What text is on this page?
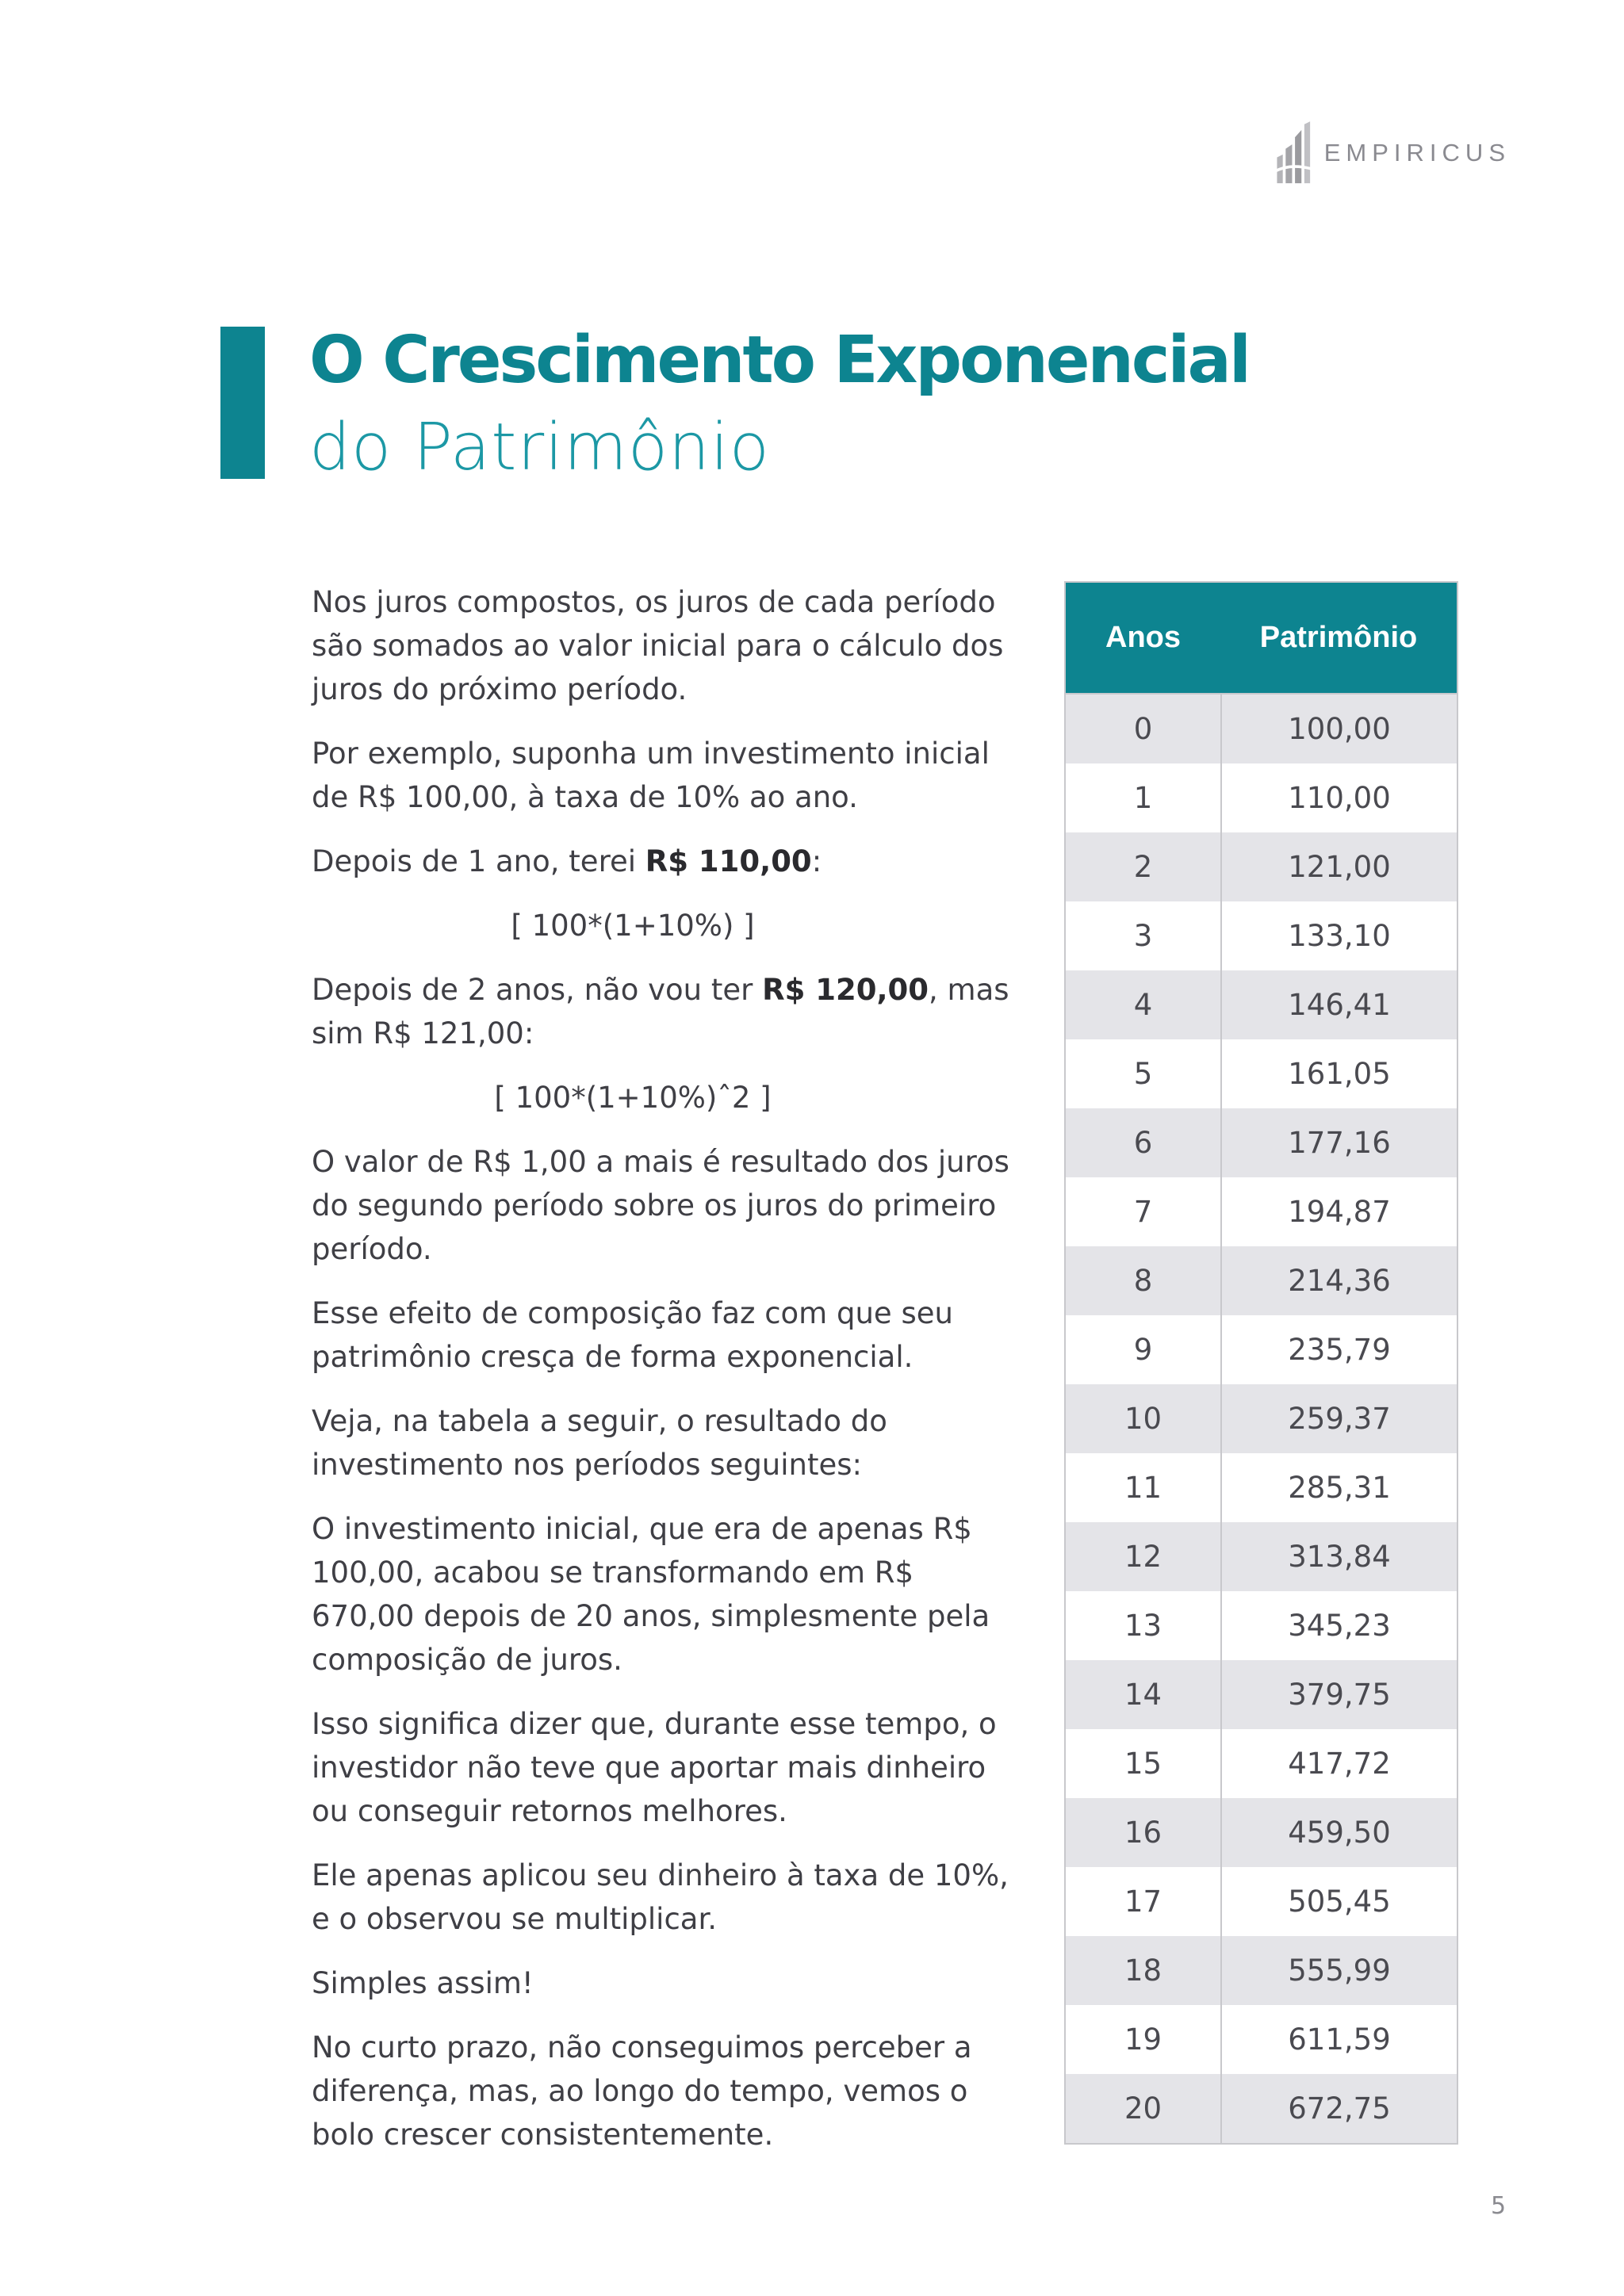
EMPIRICUS
O Crescimento Exponencial
do Patrimônio

Nos juros compostos, os juros de cada período são somados ao valor inicial para o cálculo dos juros do próximo período.

Por exemplo, suponha um investimento inicial de R$ 100,00, à taxa de 10% ao ano.

Depois de 1 ano, terei R$ 110,00:

[ 100*(1+10%) ]

Depois de 2 anos, não vou ter R$ 120,00, mas sim R$ 121,00:

[ 100*(1+10%)ˆ2 ]

O valor de R$ 1,00 a mais é resultado dos juros do segundo período sobre os juros do primeiro período.

Esse efeito de composição faz com que seu patrimônio cresça de forma exponencial.

Veja, na tabela a seguir, o resultado do investimento nos períodos seguintes:

O investimento inicial, que era de apenas R$ 100,00, acabou se transformando em R$ 670,00 depois de 20 anos, simplesmente pela composição de juros.

Isso significa dizer que, durante esse tempo, o investidor não teve que aportar mais dinheiro ou conseguir retornos melhores.

Ele apenas aplicou seu dinheiro à taxa de 10%, e o observou se multiplicar.

Simples assim!

No curto prazo, não conseguimos perceber a diferença, mas, ao longo do tempo, vemos o bolo crescer consistentemente.

Anos	Patrimônio
0	100,00
1	110,00
2	121,00
3	133,10
4	146,41
5	161,05
6	177,16
7	194,87
8	214,36
9	235,79
10	259,37
11	285,31
12	313,84
13	345,23
14	379,75
15	417,72
16	459,50
17	505,45
18	555,99
19	611,59
20	672,75
5
